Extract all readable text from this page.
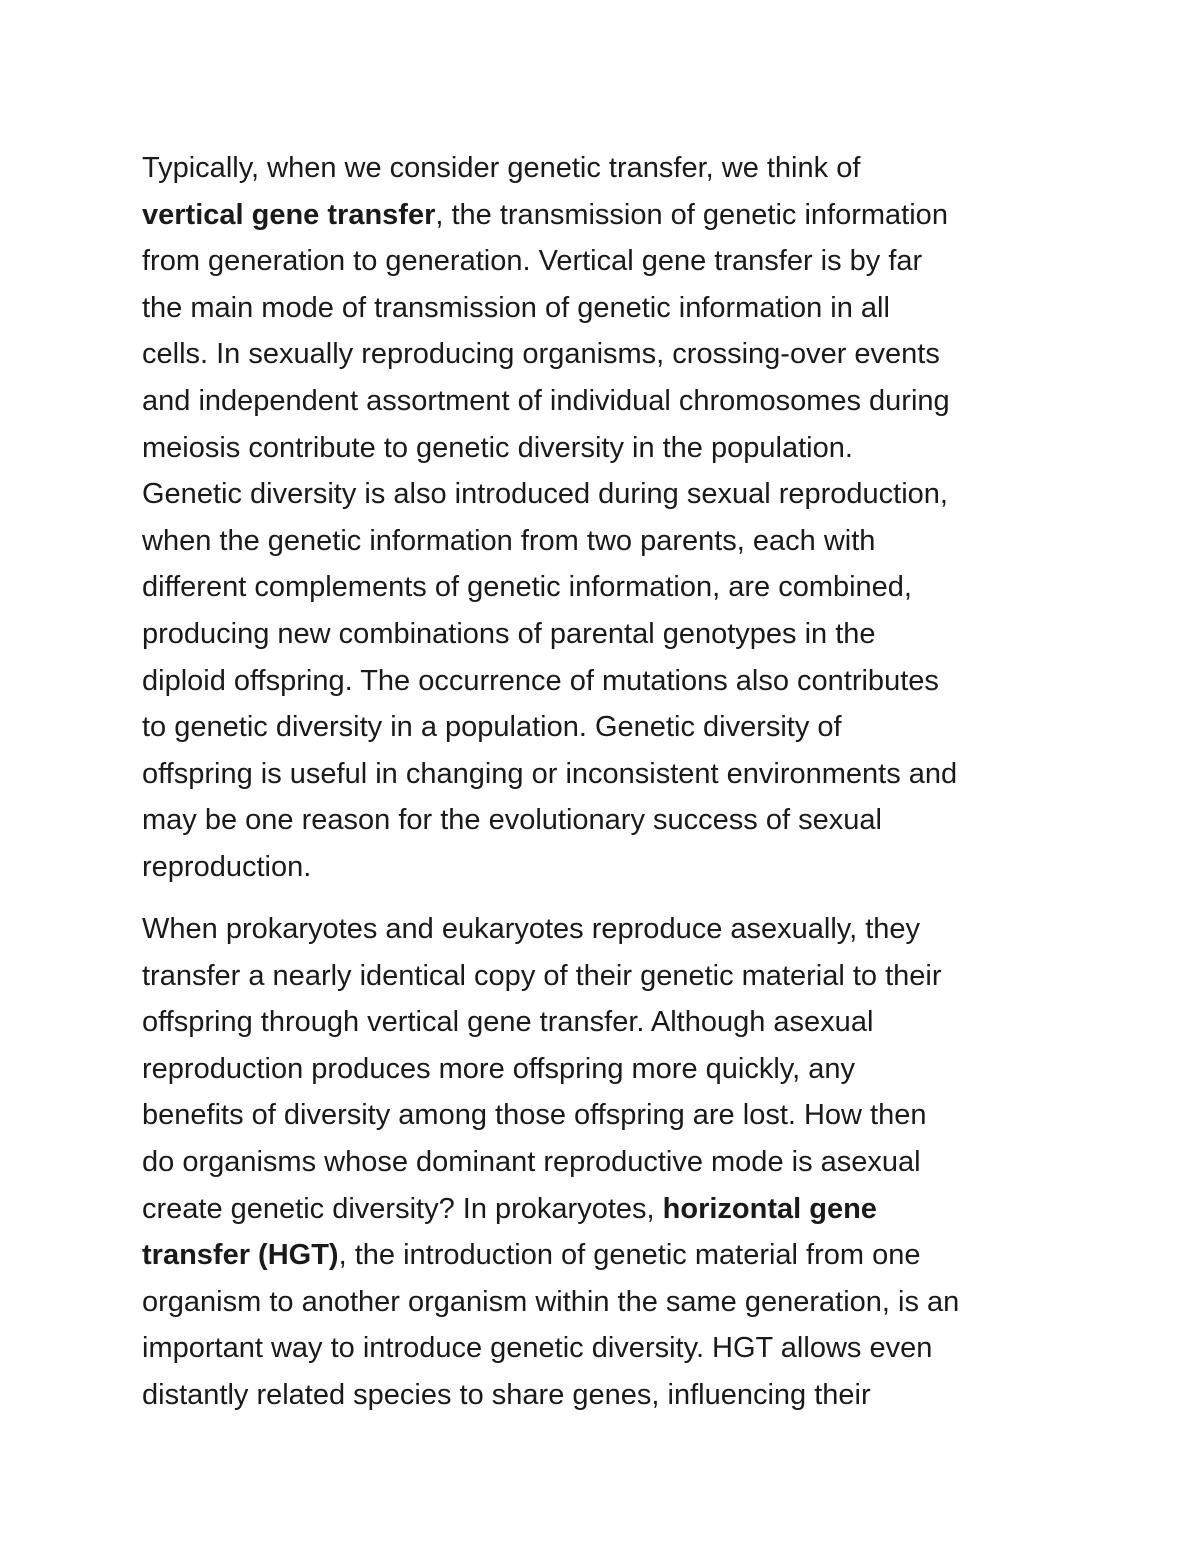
Typically, when we consider genetic transfer, we think of
vertical gene transfer, the transmission of genetic information
from generation to generation. Vertical gene transfer is by far
the main mode of transmission of genetic information in all
cells. In sexually reproducing organisms, crossing-over events
and independent assortment of individual chromosomes during
meiosis contribute to genetic diversity in the population.
Genetic diversity is also introduced during sexual reproduction,
when the genetic information from two parents, each with
different complements of genetic information, are combined,
producing new combinations of parental genotypes in the
diploid offspring. The occurrence of mutations also contributes
to genetic diversity in a population. Genetic diversity of
offspring is useful in changing or inconsistent environments and
may be one reason for the evolutionary success of sexual
reproduction.
When prokaryotes and eukaryotes reproduce asexually, they
transfer a nearly identical copy of their genetic material to their
offspring through vertical gene transfer. Although asexual
reproduction produces more offspring more quickly, any
benefits of diversity among those offspring are lost. How then
do organisms whose dominant reproductive mode is asexual
create genetic diversity? In prokaryotes, horizontal gene
transfer (HGT), the introduction of genetic material from one
organism to another organism within the same generation, is an
important way to introduce genetic diversity. HGT allows even
distantly related species to share genes, influencing their
